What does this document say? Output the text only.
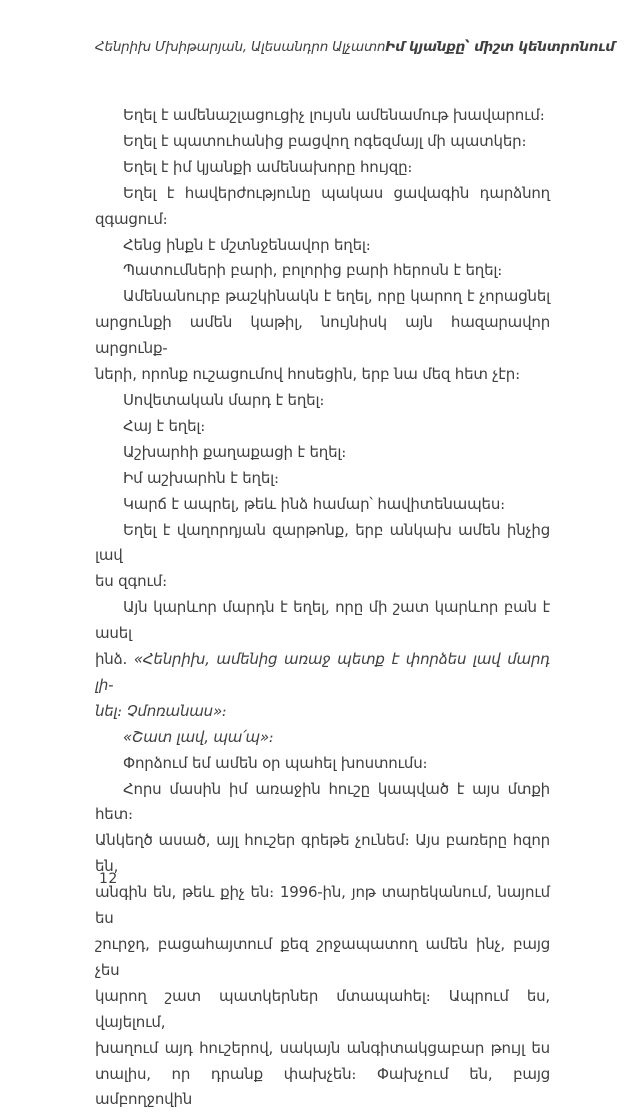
Հենրիխ Մխիթարյան, Ալեսանդրո Ալչատո Իմ կյանքը՝ միշտ կենտրոնում
Եղել է ամենաշլացուցիչ լույսն ամենամութ խավարում։
Եղել է պատուհանից բացվող ոգեզմայլ մի պատկեր։
Եղել է իմ կյանքի ամենախորը հույզը։
Եղել է հավերժությունը պակաս ցավագին դարձնող զգացում։
Հենց ինքն է մշտնջենավոր եղել։
Պատումների բարի, բոլորից բարի հերոսն է եղել։
Ամենանուրբ թաշկինակն է եղել, որը կարող է չորացնել
արցունքի ամեն կաթիլ, նույնիսկ այն հազարավոր արցունք-
ների, որոնք ուշացումով հոսեցին, երբ նա մեզ հետ չէր։
Սովետական մարդ է եղել։
Հայ է եղել։
Աշխարհի քաղաքացի է եղել։
Իմ աշխարհն է եղել։
Կարճ է ապրել, թեև ինձ համար՝ հավիտենապես։
Եղել է վաղորդյան զարթոնք, երբ անկախ ամեն ինչից լավ
ես զգում։
Այն կարևոր մարդն է եղել, որը մի շատ կարևոր բան է ասել
ինձ. «Հենրիխ, ամենից առաջ պետք է փորձես լավ մարդ լի-
նել։ Չմոռանաս»։
«Շատ լավ, պա՛պ»։
Փորձում եմ ամեն օր պահել խոստումս։
Հորս մասին իմ առաջին հուշը կապված է այս մտքի հետ։
Անկեղծ ասած, այլ հուշեր գրեթե չունեմ։ Այս բառերը հզոր են,
անգին են, թեև քիչ են։ 1996-ին, յոթ տարեկանում, նայում ես
շուրջդ, բացահայտում քեզ շրջապատող ամեն ինչ, բայց չես
կարող շատ պատկերներ մտապահել։ Ապրում ես, վայելում,
խաղում այդ հուշերով, սակայն անգիտակցաբար թույլ ես
տալիս, որ դրանք փախչեն։ Փախչում են, բայց ամբողջովին
12
